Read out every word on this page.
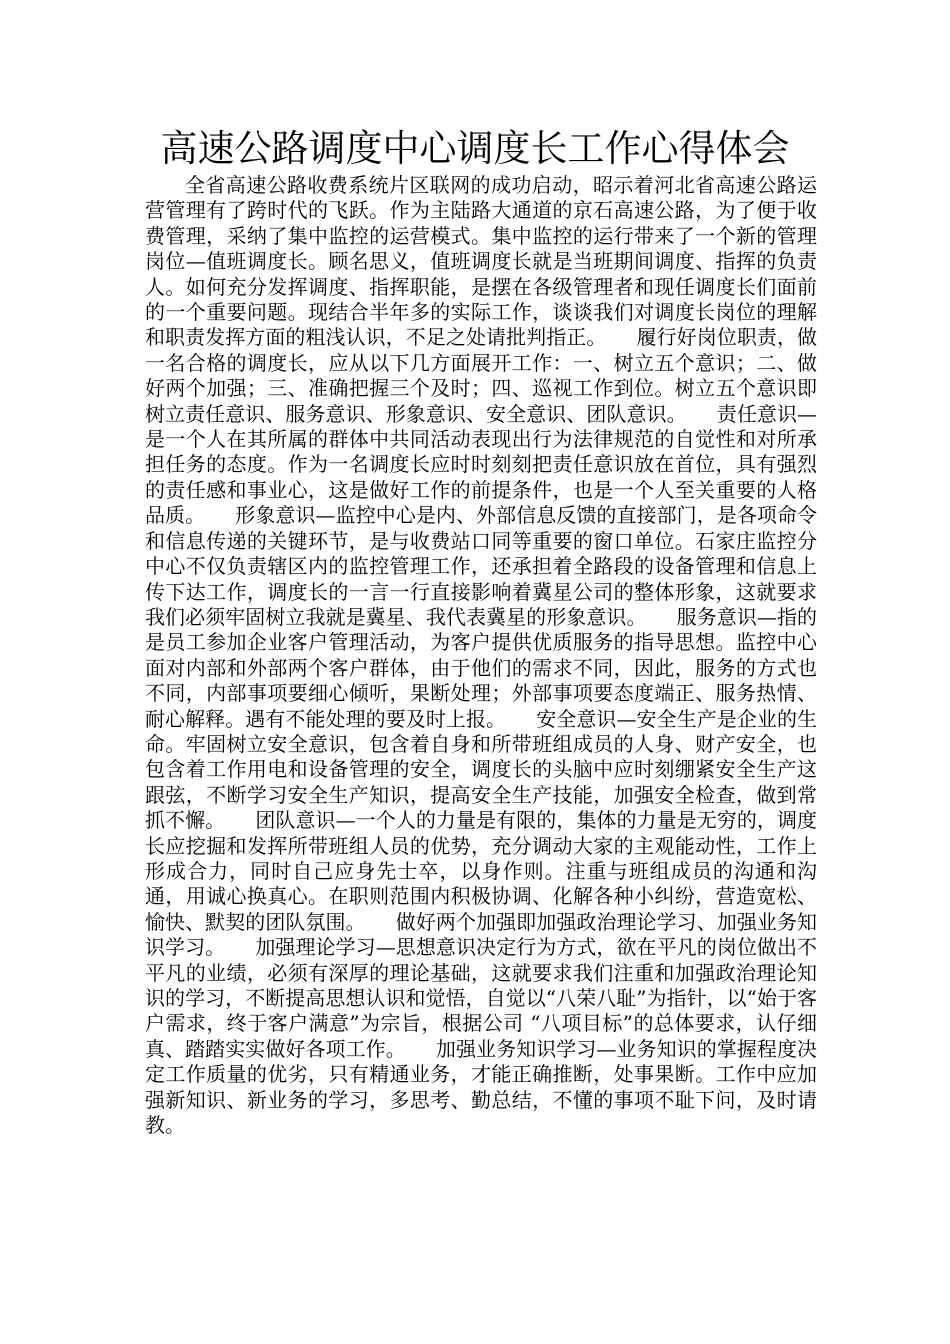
高速公路调度中心调度长工作心得体会

全省高速公路收费系统片区联网的成功启动，昭示着河北省高速公路运营管理有了跨时代的飞跃。作为主陆路大通道的京石高速公路，为了便于收费管理，采纳了集中监控的运营模式。集中监控的运行带来了一个新的管理岗位—值班调度长。顾名思义，值班调度长就是当班期间调度、指挥的负责人。如何充分发挥调度、指挥职能，是摆在各级管理者和现任调度长们面前的一个重要问题。现结合半年多的实际工作，谈谈我们对调度长岗位的理解和职责发挥方面的粗浅认识，不足之处请批判指正。　　履行好岗位职责，做一名合格的调度长，应从以下几方面展开工作：一、树立五个意识；二、做好两个加强；三、准确把握三个及时；四、巡视工作到位。树立五个意识即树立责任意识、服务意识、形象意识、安全意识、团队意识。　　责任意识—是一个人在其所属的群体中共同活动表现出行为法律规范的自觉性和对所承担任务的态度。作为一名调度长应时时刻刻把责任意识放在首位，具有强烈的责任感和事业心，这是做好工作的前提条件，也是一个人至关重要的人格品质。　　形象意识—监控中心是内、外部信息反馈的直接部门，是各项命令和信息传递的关键环节，是与收费站口同等重要的窗口单位。石家庄监控分中心不仅负责辖区内的监控管理工作，还承担着全路段的设备管理和信息上传下达工作，调度长的一言一行直接影响着冀星公司的整体形象，这就要求我们必须牢固树立我就是冀星、我代表冀星的形象意识。　　服务意识—指的是员工参加企业客户管理活动，为客户提供优质服务的指导思想。监控中心面对内部和外部两个客户群体，由于他们的需求不同，因此，服务的方式也不同，内部事项要细心倾听，果断处理；外部事项要态度端正、服务热情、耐心解释。遇有不能处理的要及时上报。　　安全意识—安全生产是企业的生命。牢固树立安全意识，包含着自身和所带班组成员的人身、财产安全，也包含着工作用电和设备管理的安全，调度长的头脑中应时刻绷紧安全生产这跟弦，不断学习安全生产知识，提高安全生产技能，加强安全检查，做到常抓不懈。　　团队意识—一个人的力量是有限的，集体的力量是无穷的，调度长应挖掘和发挥所带班组人员的优势，充分调动大家的主观能动性，工作上形成合力，同时自己应身先士卒，以身作则。注重与班组成员的沟通和沟通，用诚心换真心。在职则范围内积极协调、化解各种小纠纷，营造宽松、愉快、默契的团队氛围。　　做好两个加强即加强政治理论学习、加强业务知识学习。　　加强理论学习—思想意识决定行为方式，欲在平凡的岗位做出不平凡的业绩，必须有深厚的理论基础，这就要求我们注重和加强政治理论知识的学习，不断提高思想认识和觉悟，自觉以“八荣八耻”为指针，以“始于客户需求，终于客户满意”为宗旨，根据公司 “八项目标”的总体要求，认仔细真、踏踏实实做好各项工作。　　加强业务知识学习—业务知识的掌握程度决定工作质量的优劣，只有精通业务，才能正确推断，处事果断。工作中应加强新知识、新业务的学习，多思考、勤总结，不懂的事项不耻下问，及时请教。
